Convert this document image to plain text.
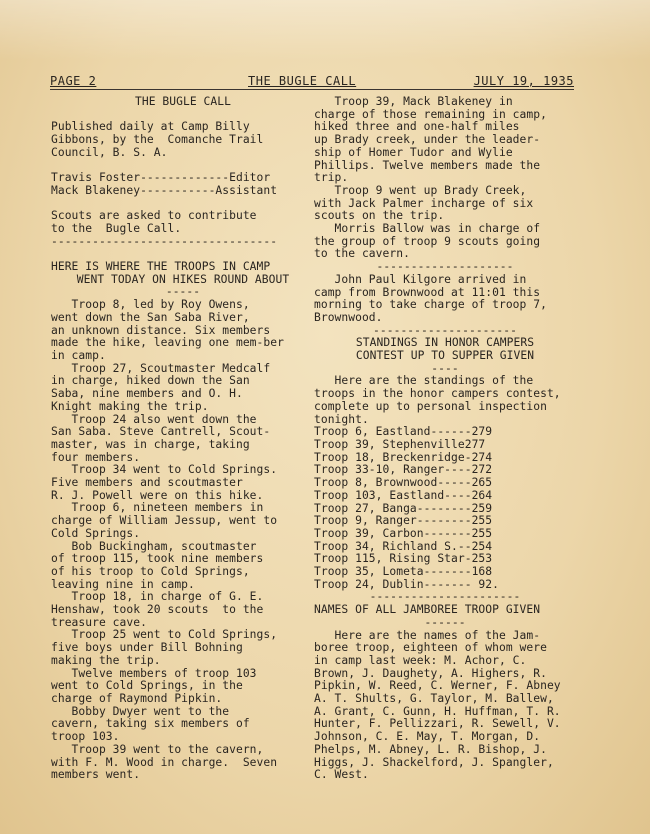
PAGE 2	THE BUGLE CALL	JULY 19, 1935

THE BUGLE CALL
Published daily at Camp Billy
Gibbons, by the  Comanche Trail
Council, B. S. A.
Travis Foster-------------Editor
Mack Blakeney-----------Assistant
Scouts are asked to contribute
to the  Bugle Call.
---------------------------------
HERE IS WHERE THE TROOPS IN CAMP
WENT TODAY ON HIKES ROUND ABOUT
-----
Troop 8, led by Roy Owens,
went down the San Saba River,
an unknown distance. Six members
made the hike, leaving one mem-ber
in camp.
Troop 27, Scoutmaster Medcalf
in charge, hiked down the San
Saba, nine members and O. H.
Knight making the trip.
Troop 24 also went down the
San Saba. Steve Cantrell, Scout-
master, was in charge, taking
four members.
Troop 34 went to Cold Springs.
Five members and scoutmaster
R. J. Powell were on this hike.
Troop 6, nineteen members in
charge of William Jessup, went to
Cold Springs.
Bob Buckingham, scoutmaster
of troop 115, took nine members
of his troop to Cold Springs,
leaving nine in camp.
Troop 18, in charge of G. E.
Henshaw, took 20 scouts  to the
treasure cave.
Troop 25 went to Cold Springs,
five boys under Bill Bohning
making the trip.
Twelve members of troop 103
went to Cold Springs, in the
charge of Raymond Pipkin.
Bobby Dwyer went to the
cavern, taking six members of
troop 103.
Troop 39 went to the cavern,
with F. M. Wood in charge.  Seven
members went.
Troop 39, Mack Blakeney in
charge of those remaining in camp,
hiked three and one-half miles
up Brady creek, under the leader-
ship of Homer Tudor and Wylie
Phillips. Twelve members made the
trip.
Troop 9 went up Brady Creek,
with Jack Palmer incharge of six
scouts on the trip.
Morris Ballow was in charge of
the group of troop 9 scouts going
to the cavern.
--------------------
John Paul Kilgore arrived in
camp from Brownwood at 11:01 this
morning to take charge of troop 7,
Brownwood.
---------------------
STANDINGS IN HONOR CAMPERS
CONTEST UP TO SUPPER GIVEN
----
Here are the standings of the
troops in the honor campers contest,
complete up to personal inspection
tonight.
Troop 6, Eastland------279
Troop 39, Stephenville277
Troop 18, Breckenridge-274
Troop 33-10, Ranger----272
Troop 8, Brownwood-----265
Troop 103, Eastland----264
Troop 27, Banga--------259
Troop 9, Ranger--------255
Troop 39, Carbon-------255
Troop 34, Richland S.--254
Troop 115, Rising Star-253
Troop 35, Lometa-------168
Troop 24, Dublin------- 92.
----------------------
NAMES OF ALL JAMBOREE TROOP GIVEN
------
Here are the names of the Jam-
boree troop, eighteen of whom were
in camp last week: M. Achor, C.
Brown, J. Daughety, A. Highers, R.
Pipkin, W. Reed, C. Werner, F. Abney
A. T. Shults, G. Taylor, M. Ballew,
A. Grant, C. Gunn, H. Huffman, T. R.
Hunter, F. Pellizzari, R. Sewell, V.
Johnson, C. E. May, T. Morgan, D.
Phelps, M. Abney, L. R. Bishop, J.
Higgs, J. Shackelford, J. Spangler,
C. West.
